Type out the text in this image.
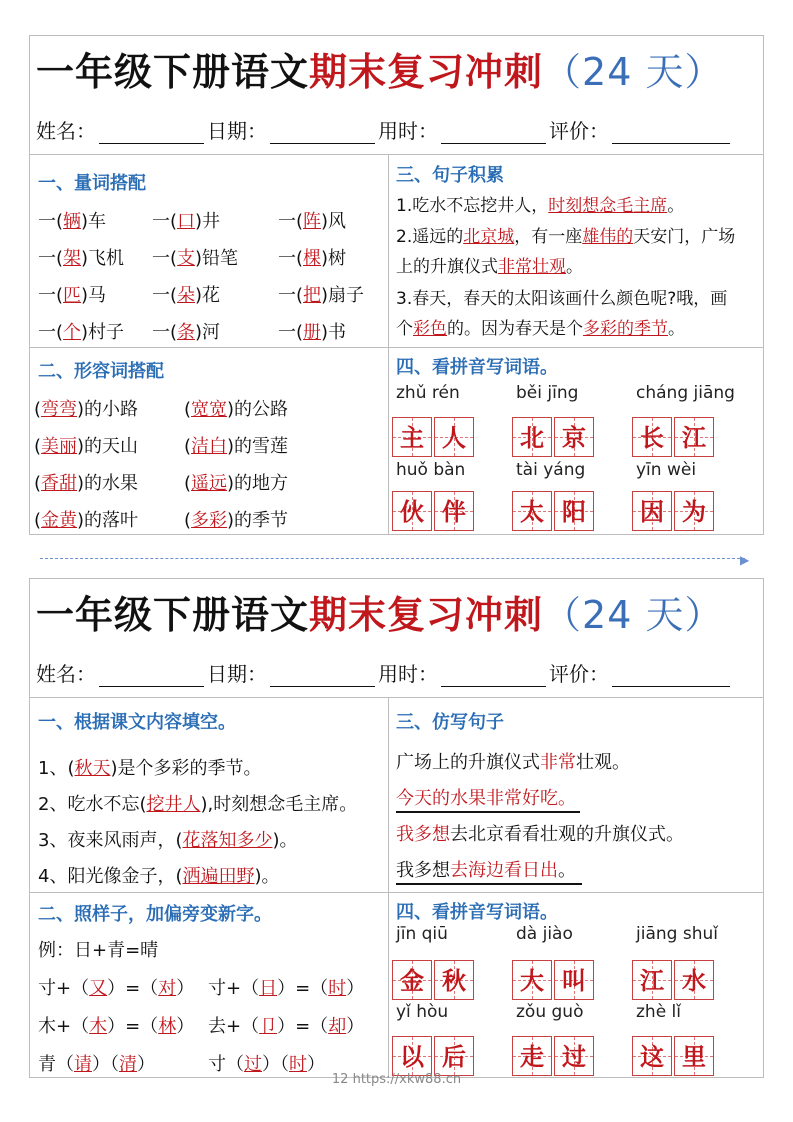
一年级下册语文期末复习冲刺（24 天）
姓名：	日期：	用时：	评价：
一、量词搭配
一(辆)车	一(口)井	一(阵)风
一(架)飞机 一(支)铅笔 一(棵)树
一(匹)马	一(朵)花	一(把)扇子
一(个)村子 一(条)河	一(册)书
二、形容词搭配
(弯弯)的小路	(宽宽)的公路
(美丽)的天山	(洁白)的雪莲
(香甜)的水果	(遥远)的地方
(金黄)的落叶	(多彩)的季节
三、句子积累
1.吃水不忘挖井人，时刻想念毛主席。
2.遥远的北京城，有一座雄伟的天安门，广场
上的升旗仪式非常壮观。
3.春天，春天的太阳该画什么颜色呢?哦，画
个彩色的。因为春天是个多彩的季节。
四、看拼音写词语。
zhǔ rén
主 人
běi jīng
北 京
cháng jiāng
长 江
huǒ bàn
伙 伴
tài yáng
太 阳
yīn wèi
因 为
▶
一年级下册语文期末复习冲刺（24 天）
姓名：	日期：	用时：	评价：
一、根据课文内容填空。
1、(秋天)是个多彩的季节。
2、吃水不忘(挖井人),时刻想念毛主席。
3、夜来风雨声，(花落知多少)。
4、阳光像金子，(洒遍田野)。
二、照样子，加偏旁变新字。
例：日+青=晴
寸+（又）=（对） 寸+（日）=（时）
木+（木）=（林） 去+（卩）=（却）
青（请）（清）	寸（过）（时）
三、仿写句子
广场上的升旗仪式非常壮观。
今天的水果非常好吃。
我多想去北京看看壮观的升旗仪式。
我多想去海边看日出。
四、看拼音写词语。
jīn qiū
金 秋
dà jiào
大 叫
jiāng shuǐ
江 水
yǐ hòu
以 后
zǒu guò
走 过
zhè lǐ
这 里
12 https://xkw88.cn
